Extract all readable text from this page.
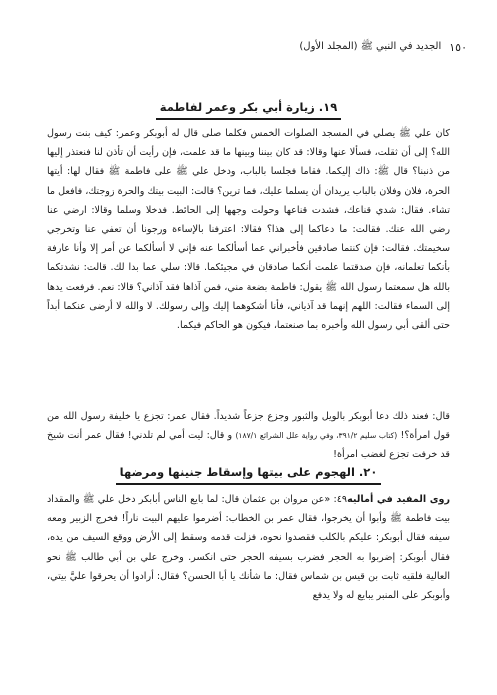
١٥٠
الجديد في النبي ﷺ (المجلد الأول)
١٩. زيارة أبي بكر وعمر لفاطمة

كان علي ﷺ يصلي في المسجد الصلوات الخمس فكلما صلى قال له أبوبكر وعمر: كيف بنت رسول الله؟ إلى أن ثقلت، فسألا عنها وقالا: قد كان بيننا وبينها ما قد علمت، فإن رأيت أن تأذن لنا فنعتذر إليها من ذنبنا؟ قال ﷺ: ذاك إليكما. فقاما فجلسا بالباب، ودخل علي ﷺ على فاطمة ﷺ فقال لها: أيتها الحرة، فلان وفلان بالباب يريدان أن يسلما عليك، فما ترين؟ قالت: البيت بيتك والحرة زوجتك، فافعل ما تشاء. فقال: شدي قناعك، فشدت قناعها وحولت وجهها إلى الحائط. فدخلا وسلما وقالا: ارضي عنا رضي الله عنك. فقالت: ما دعاكما إلى هذا؟ فقالا: اعترفنا بالإساءة ورجونا أن تعفي عنا وتخرجي سخيمتك. فقالت: فإن كنتما صادقين فأخبراني عما أسألكما عنه فإني لا أسألكما عن أمر إلا وأنا عارفة بأنكما تعلمانه، فإن صدقتما علمت أنكما صادقان في مجيئكما. قالا: سلي عما بدا لك. قالت: نشدتكما بالله هل سمعتما رسول الله ﷺ يقول: فاطمة بضعة مني، فمن آذاها فقد آذاني؟ قالا: نعم. فرفعت يدها إلى السماء فقالت: اللهم إنهما قد آذياني، فأنا أشكوهما إليك وإلى رسولك. لا والله لا أرضى عنكما أبداً حتى ألقى أبي رسول الله وأخبره بما صنعتما، فيكون هو الحاكم فيكما.

قال: فعند ذلك دعا أبوبكر بالويل والثبور وجزع جزعاً شديداً. فقال عمر: تجزع يا خليفة رسول الله من قول امرأة؟! (كتاب سليم ٣٩١/٢، وفي رواية علل الشرائع ١٨٧/١) و قال: ليت أمي لم تلدني! فقال عمر أنت شيخ قد خرفت تجزع لغضب امرأة!

٢٠. الهجوم على بيتها وإسقاط جنينها ومرضها

روى المفيد في أماليه٤٩: «عن مروان بن عثمان قال: لما بايع الناس أبابكر دخل علي ﷺ والمقداد بيت فاطمة ﷺ وأبوا أن يخرجوا، فقال عمر بن الخطاب: أضرموا عليهم البيت ناراً! فخرج الزبير ومعه سيفه فقال أبوبكر: عليكم بالكلب فقصدوا نحوه، فزلت قدمه وسقط إلى الأرض ووقع السيف من يده، فقال أبوبكر: إضربوا به الحجر فضرب بسيفه الحجر حتى انكسر. وخرج علي بن أبي طالب ﷺ نحو العالية فلقيه ثابت بن قيس بن شماس فقال: ما شأنك يا أبا الحسن؟ فقال: أرادوا أن يحرقوا عليَّ بيتي، وأبوبكر على المنبر يبايع له ولا يدفع
